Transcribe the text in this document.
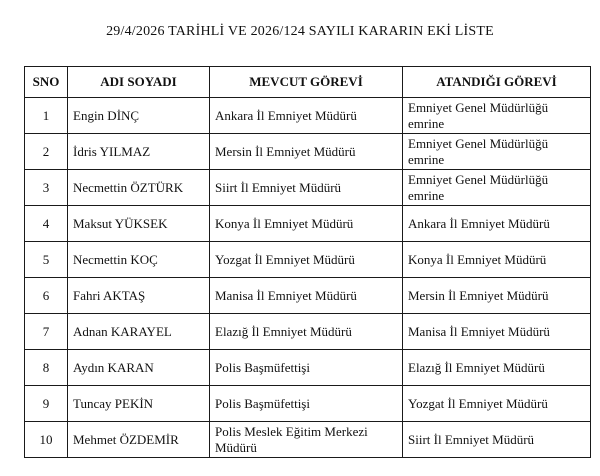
29/4/2026 TARİHLİ VE 2026/124 SAYILI KARARIN EKİ LİSTE
SNO	ADI SOYADI	MEVCUT GÖREVİ	ATANDIĞI GÖREVİ
1	Engin DİNÇ	Ankara İl Emniyet Müdürü	Emniyet Genel Müdürlüğü emrine
2	İdris YILMAZ	Mersin İl Emniyet Müdürü	Emniyet Genel Müdürlüğü emrine
3	Necmettin ÖZTÜRK	Siirt İl Emniyet Müdürü	Emniyet Genel Müdürlüğü emrine
4	Maksut YÜKSEK	Konya İl Emniyet Müdürü	Ankara İl Emniyet Müdürü
5	Necmettin KOÇ	Yozgat İl Emniyet Müdürü	Konya İl Emniyet Müdürü
6	Fahri AKTAŞ	Manisa İl Emniyet Müdürü	Mersin İl Emniyet Müdürü
7	Adnan KARAYEL	Elazığ İl Emniyet Müdürü	Manisa İl Emniyet Müdürü
8	Aydın KARAN	Polis Başmüfettişi	Elazığ İl Emniyet Müdürü
9	Tuncay PEKİN	Polis Başmüfettişi	Yozgat İl Emniyet Müdürü
10	Mehmet ÖZDEMİR	Polis Meslek Eğitim Merkezi Müdürü	Siirt İl Emniyet Müdürü
